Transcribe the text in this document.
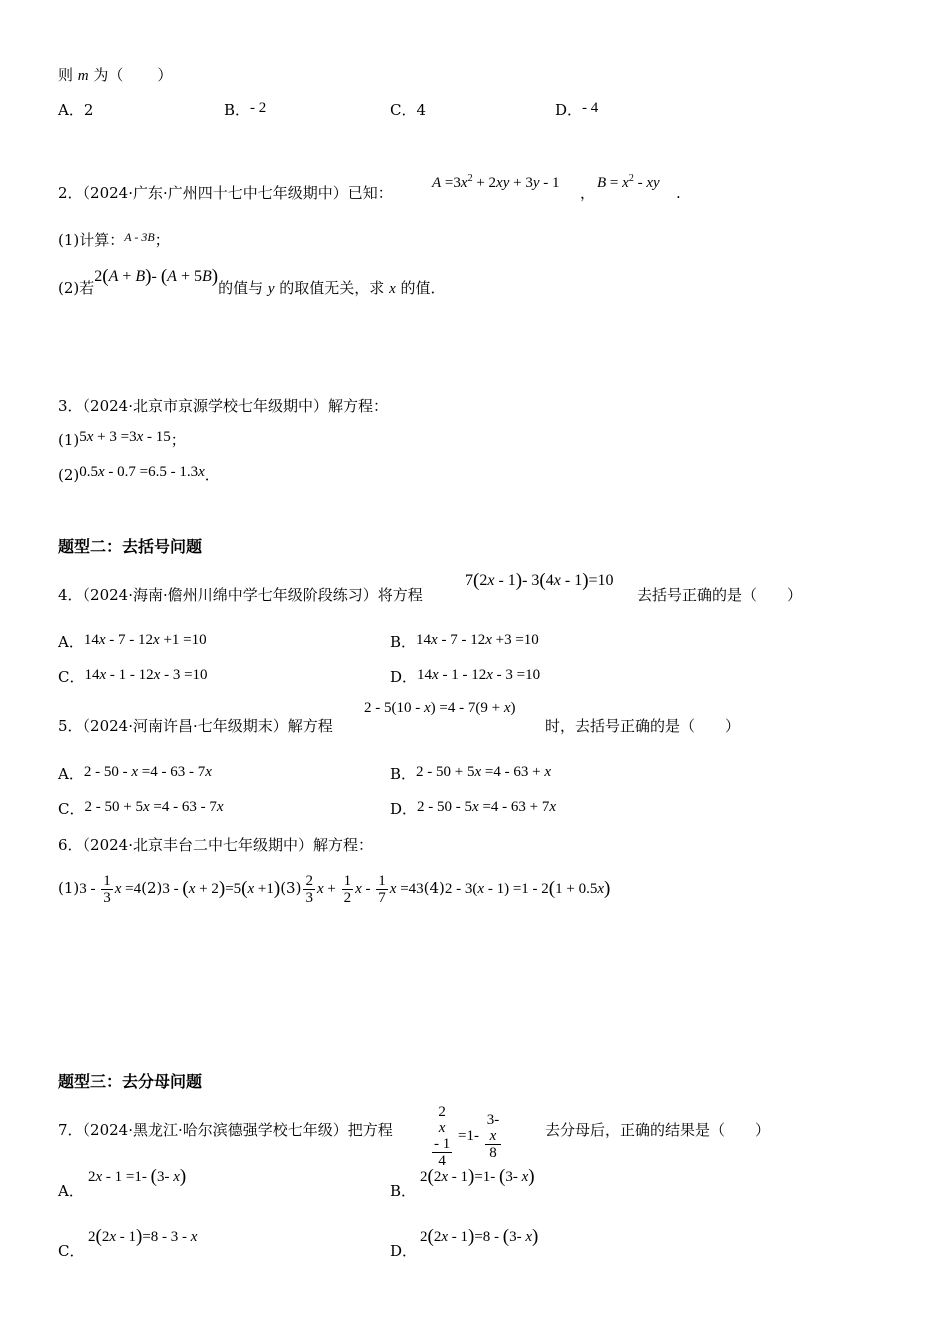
则 m 为（ ）
A．2	B．- 2	C．4	D．- 4
2．（2024·广东·广州四十七中七年级期中）已知：
$A =3x^2 + 2xy + 3y - 1$
，
$B = x^2$ - xy
.
(1)计算：$^{A - 3B}$；
(2)若2(A + B)- (A + 5B)的值与 y 的取值无关，求 x 的值．
3．（2024·北京市京源学校七年级期中）解方程：
(1)5x + 3 =3x - 15；
(2)0.5x - 0.7 =6.5 - 1.3x．
题型二：去括号问题
4．（2024·海南·儋州川绵中学七年级阶段练习）将方程
7(2x - 1)- 3(4x - 1)=10
去括号正确的是（　　）
A．14x - 7 - 12x +1 =10	B．14x - 7 - 12x +3 =10
C．14x - 1 - 12x - 3 =10	D．14x - 1 - 12x - 3 =10
5．（2024·河南许昌·七年级期末）解方程
2 - 5(10 - x) =4 - 7(9 + x)
时，去括号正确的是（　　）
A．2 - 50 - x =4 - 63 - 7x	B．2 - 50 + 5x =4 - 63 + x
C．2 - 50 + 5x =4 - 63 - 7x	D．2 - 50 - 5x =4 - 63 + 7x
6．（2024·北京丰台二中七年级期中）解方程：
$(1)3 - \frac{1}{3}$ $x =4(2)3 - (x + 2)=5(x +1)(3) \frac{2}{3}$ $x + \frac{1}{2}$ x - $\frac{1}{7}$ x =43(4)2 - 3(x - 1) =1 - 2(1 + 0.5x)
题型三：去分母问题
7．（2024·黑龙江·哈尔滨德强学校七年级）把方程	2
x
- 1
4 =1- 3-
x
8	去分母后，正确的结果是（　　）
A．
2x - 1 =1- (3- x)
B．
2(2x - 1)=1- (3- x)
C．
2(2x - 1)=8 - 3 - x
D．
2(2x - 1)=8 - (3- x)
